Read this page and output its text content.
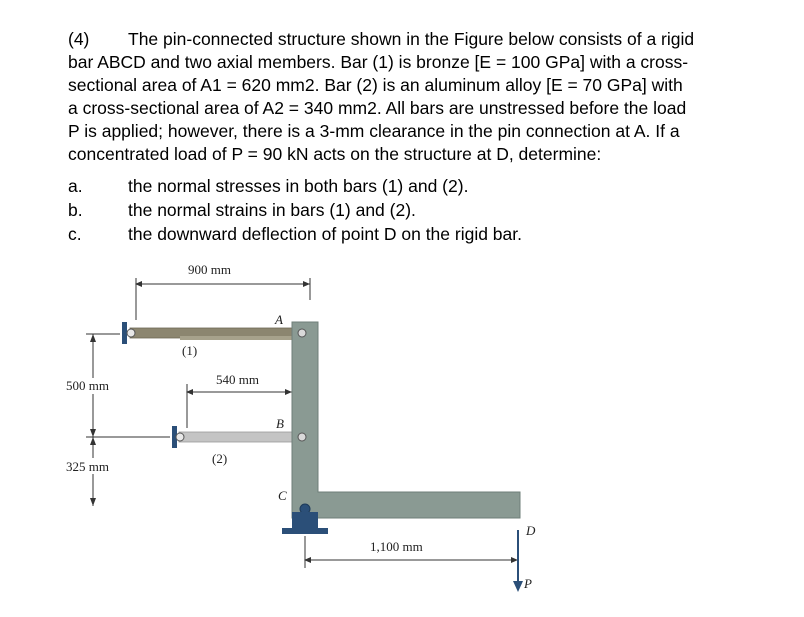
(4) The pin-connected structure shown in the Figure below consists of a rigid
bar ABCD and two axial members. Bar (1) is bronze [E = 100 GPa] with a cross-
sectional area of A1 = 620 mm2. Bar (2) is an aluminum alloy [E = 70 GPa] with
a cross-sectional area of A2 = 340 mm2. All bars are unstressed before the load
P is applied; however, there is a 3-mm clearance in the pin connection at A. If a
concentrated load of P = 90 kN acts on the structure at D, determine:
a.	the normal stresses in both bars (1) and (2).
b.	the normal strains in bars (1) and (2).
c.	the downward deflection of point D on the rigid bar.
900 mm
500 mm
325 mm
540 mm
(1)
(2)
A
B
C
1,100 mm
D
P
